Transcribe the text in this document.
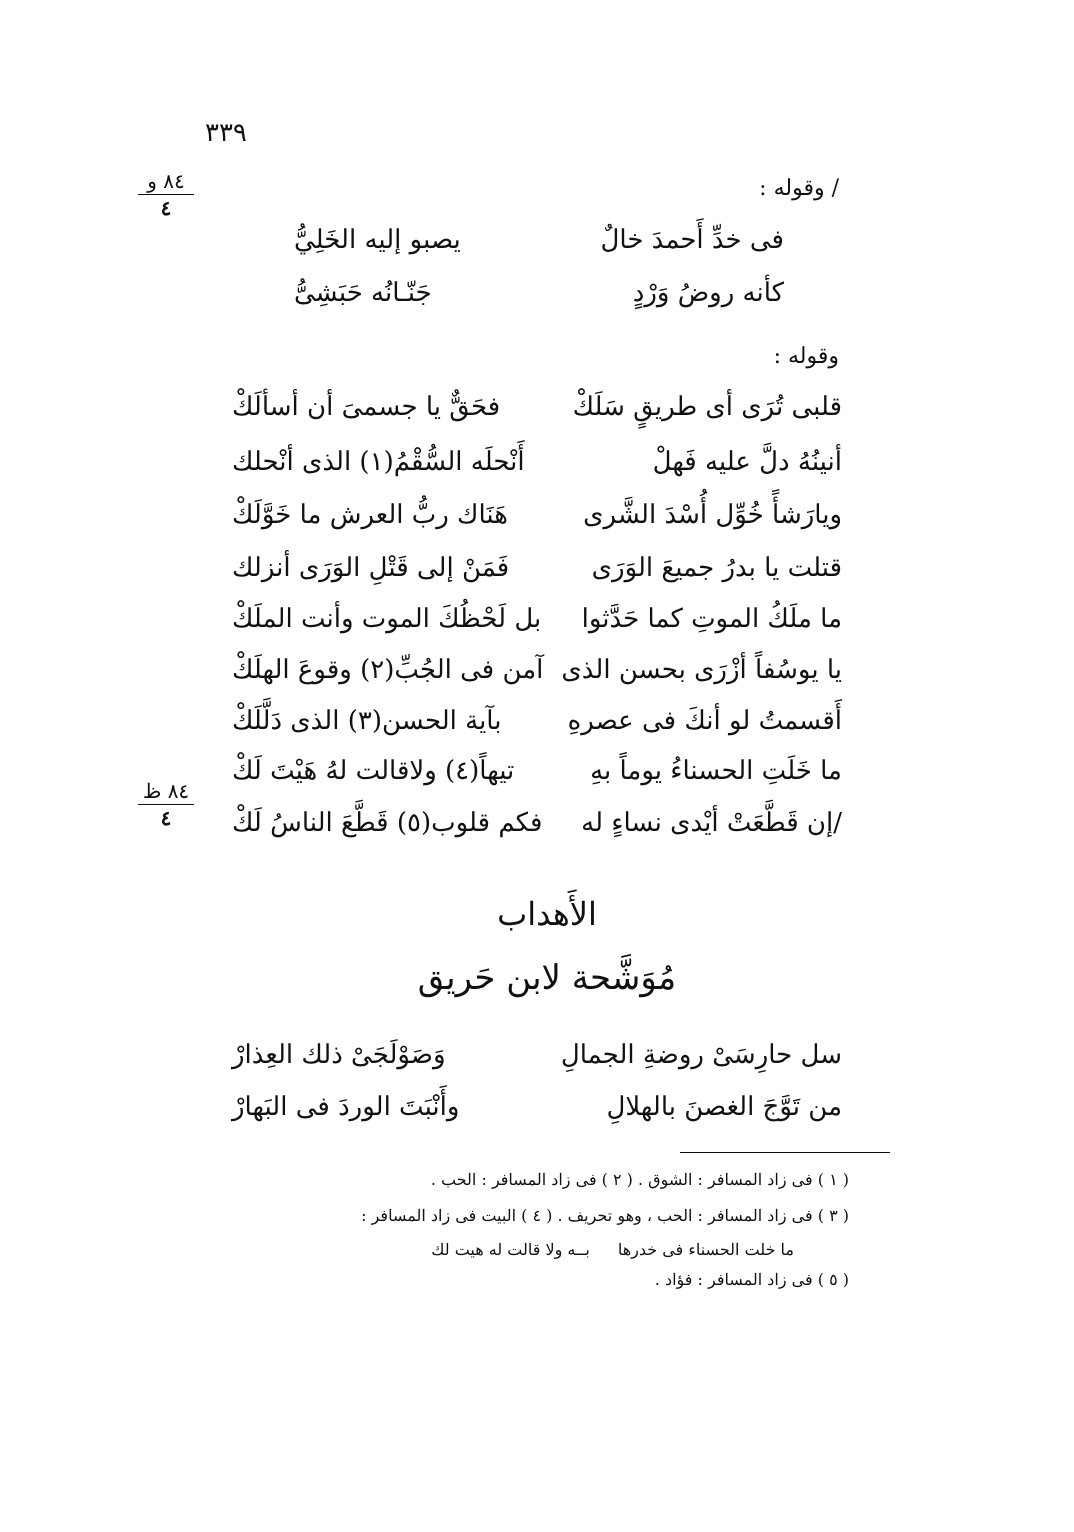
٣٣٩
٨٤ و
٤
/ وقوله :
فى خدِّ أَحمدَ خالٌ
يصبو إليه الخَلِيُّ
كأنه روضُ وَرْدٍ
جَنّـانُه حَبَشِىُّ
وقوله :
قلبى تُرَى أى طريقٍ سَلَكْ
فحَقٌّ يا جسمىَ أن أسألَكْ
أنينُهُ دلَّ عليه فَهلْ
أَنْحلَه السُّقْمُ(١) الذى أنْحلك
ويارَشأً خُوِّل أُسْدَ الشَّرى
هَنَاك ربُّ العرش ما خَوَّلَكْ
قتلت يا بدرُ جميعَ الوَرَى
فَمَنْ إلى قَتْلِ الوَرَى أنزلك
ما ملَكُ الموتِ كما حَدَّثوا
بل لَحْظُكَ الموت وأنت الملَكْ
يا يوسُفاً أزْرَى بحسن الذى
آمن فى الجُبِّ(٢) وقوعَ الهلَكْ
أَقسمتُ لو أنكَ فى عصرهِ
بآية الحسن(٣) الذى دَلَّلَكْ
ما خَلَتِ الحسناءُ يوماً بهِ
تيهاً(٤) ولاقالت لهُ هَيْتَ لَكْ
/إن قَطَّعَتْ أيْدى نساءٍ له
فكم قلوب(٥) قَطَّعَ الناسُ لَكْ
٨٤ ظ
٤
الأَهداب
مُوَشَّحة لابن حَريق
سل حارِسَىْ روضةِ الجمالِ
وَصَوْلَجَىْ ذلك العِذارْ
من تَوَّجَ الغصنَ بالهلالِ
وأَنْبَتَ الوردَ فى البَهارْ
( ١ ) فى زاد المسافر : الشوق . ( ٢ ) فى زاد المسافر : الحب .
( ٣ ) فى زاد المسافر : الحب ، وهو تحريف . ( ٤ ) البيت فى زاد المسافر :
ما خلت الحسناء فى خدرهابــه ولا قالت له هيت لك
( ٥ ) فى زاد المسافر : فؤاد .
